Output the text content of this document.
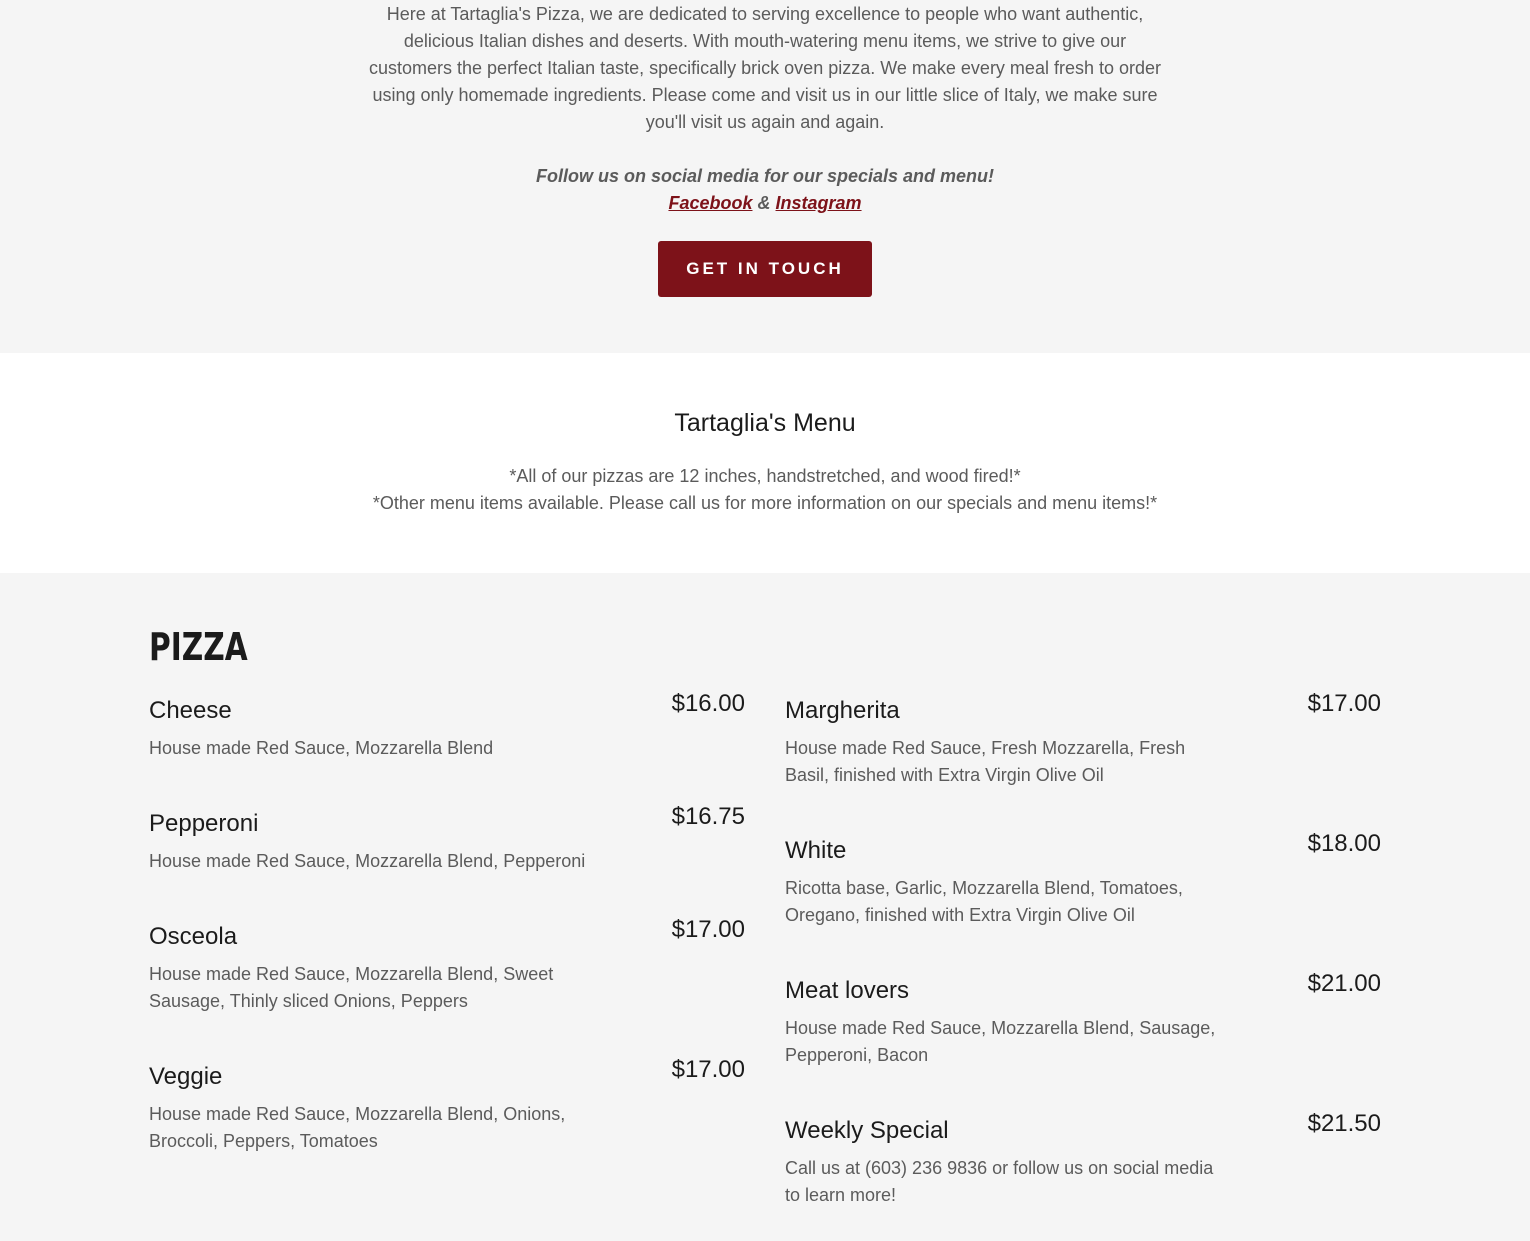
Here at Tartaglia's Pizza, we are dedicated to serving excellence to people who want authentic, delicious Italian dishes and deserts. With mouth-watering menu items, we strive to give our customers the perfect Italian taste, specifically brick oven pizza. We make every meal fresh to order using only homemade ingredients. Please come and visit us in our little slice of Italy, we make sure you'll visit us again and again.

Follow us on social media for our specials and menu!
Facebook & Instagram
GET IN TOUCH
Tartaglia's Menu
*All of our pizzas are 12 inches, handstretched, and wood fired!*
*Other menu items available. Please call us for more information on our specials and menu items!*
PIZZA

Cheese	$16.00

House made Red Sauce, Mozzarella Blend

Pepperoni	$16.75

House made Red Sauce, Mozzarella Blend, Pepperoni

Osceola	$17.00

House made Red Sauce, Mozzarella Blend, Sweet Sausage, Thinly sliced Onions, Peppers

Veggie	$17.00

House made Red Sauce, Mozzarella Blend, Onions, Broccoli, Peppers, Tomatoes

Margherita	$17.00

House made Red Sauce, Fresh Mozzarella, Fresh Basil, finished with Extra Virgin Olive Oil

White	$18.00

Ricotta base, Garlic, Mozzarella Blend, Tomatoes, Oregano, finished with Extra Virgin Olive Oil

Meat lovers	$21.00

House made Red Sauce, Mozzarella Blend, Sausage, Pepperoni, Bacon

Weekly Special	$21.50

Call us at (603) 236 9836 or follow us on social media to learn more!
